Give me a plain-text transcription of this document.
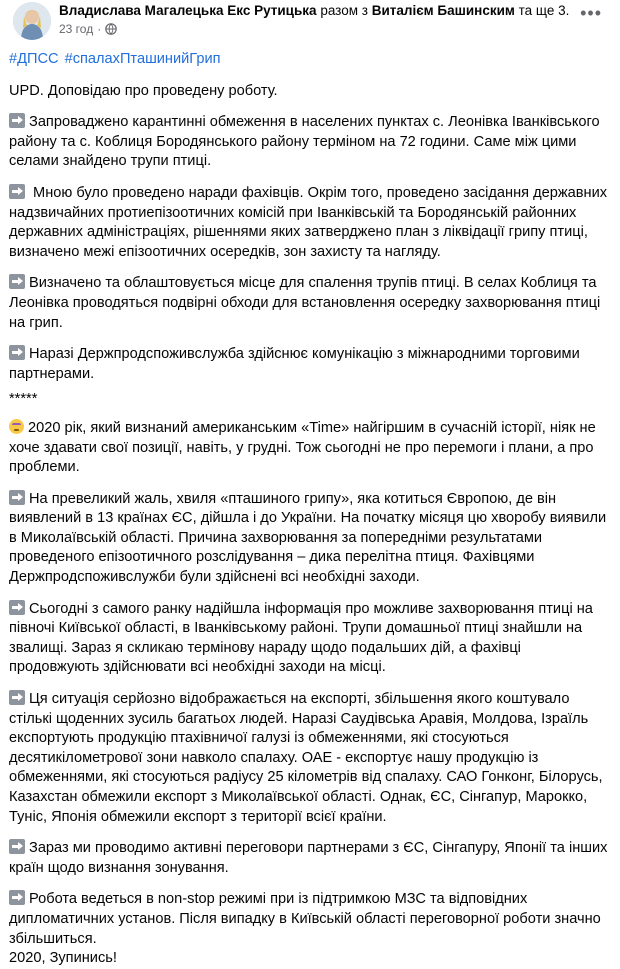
Владислава Магалецька Екс Рутицька разом з Виталієм Башинским та ще 3.
23 год ·
•••
#ДПСС #спалахПташинийГрип

UPD. Доповідаю про проведену роботу.

Запроваджено карантинні обмеження в населених пунктах с. Леонівка Іванківського району та с. Коблиця Бородянського району терміном на 72 години. Саме між цими селами знайдено трупи птиці.

Мною було проведено наради фахівців. Окрім того, проведено засідання державних надзвичайних протиепізоотичних комісій при Іванківській та Бородянській районних державних адміністраціях, рішеннями яких затверджено план з ліквідації грипу птиці, визначено межі епізоотичних осередків, зон захисту та нагляду.

Визначено та облаштовується місце для спалення трупів птиці. В селах Коблиця та Леонівка проводяться подвірні обходи для встановлення осередку захворювання птиці на грип.

Наразі Держпродспоживслужба здійснює комунікацію з міжнародними торговими партнерами.

*****

2020 рік, який визнаний американським «Time» найгіршим в сучасній історії, ніяк не хоче здавати свої позиції, навіть, у грудні. Тож сьогодні не про перемоги і плани, а про проблеми.

На превеликий жаль, хвиля «пташиного грипу», яка котиться Європою, де він виявлений в 13 країнах ЄС, дійшла і до України. На початку місяця цю хворобу виявили в Миколаївській області. Причина захворювання за попередніми результатами проведеного епізоотичного розслідування – дика перелітна птиця. Фахівцями Держпродспоживслужби були здійснені всі необхідні заходи.

Сьогодні з самого ранку надійшла інформація про можливе захворювання птиці на півночі Київської області, в Іванківському районі. Трупи домашньої птиці знайшли на звалищі. Зараз я скликаю термінову нараду щодо подальших дій, а фахівці продовжують здійснювати всі необхідні заходи на місці.

Ця ситуація серйозно відображається на експорті, збільшення якого коштувало стількі щоденних зусиль багатьох людей. Наразі Саудівська Аравія, Молдова, Ізраїль експортують продукцію птахівничої галузі із обмеженнями, які стосуються десятикілометрової зони навколо спалаху. ОАЕ - експортує нашу продукцію із обмеженнями, які стосуються радіусу 25 кілометрів від спалаху. САО Гонконг, Білорусь, Казахстан обмежили експорт з Миколаївської області. Однак, ЄС, Сінгапур, Марокко, Туніс, Японія обмежили експорт з території всієї країни.

Зараз ми проводимо активні переговори партнерами з ЄС, Сінгапуру, Японії та інших країн щодо визнання зонування.

Робота ведеться в non-stop режимі при із підтримкою МЗС та відповідних дипломатичних установ. Після випадку в Київській області переговорної роботи значно збільшиться.

2020, Зупинись!
